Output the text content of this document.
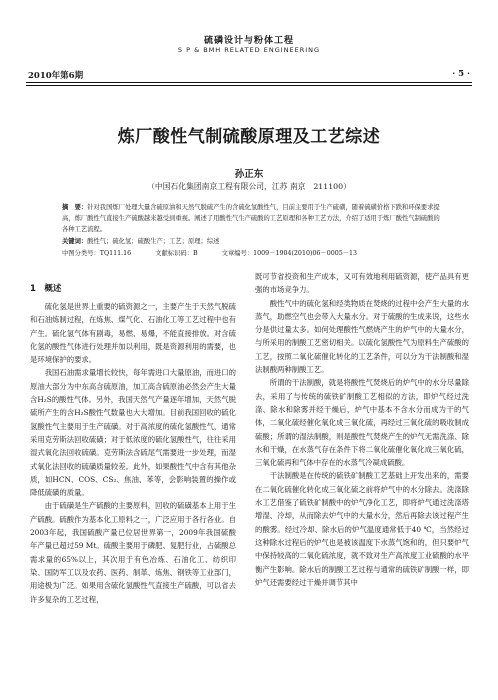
硫磷设计与粉体工程
S P & BMH RELATED ENGINEERING
2010年第6期	· 5 ·
炼厂酸性气制硫酸原理及工艺综述
孙正东
（中国石化集团南京工程有限公司，江苏 南京　211100）
摘　要：针对我国炼厂处理大量含硫原油和天然气脱硫产生的含硫化氢酸性气，目前主要用于生产硫磺，随着硫磺价格下跌和环保要求提高，炼厂酸性气直接生产硫酸越来越受到重视。阐述了用酸性气生产硫酸的工艺原理和各种工艺方法，介绍了适用于炼厂酸性气制硫酸的各种工艺流程。
关键词：酸性气；硫化氢；硫酸生产；工艺；原理；综述
中图分类号：TQ111.16	文献标识码：B	文章编号：1009－1904(2010)06－0005－13
1　概述

硫化氢是世界上重要的硫资源之一，主要产生于天然气脱硫和石油炼制过程，在炼焦、煤气化、石油化工等工艺过程中也有产生。硫化氢气体有剧毒，易燃、易爆，不能直接排放。对含硫化氢的酸性气体进行处理并加以利用，既是资源利用的需要，也是环境保护的要求。

我国石油需求量增长较快，每年需进口大量原油，而进口的原油大部分为中东高含硫原油，加工高含硫原油必然会产生大量含H₂S的酸性气体。另外，我国天然气产量逐年增加，天然气脱硫所产生的含H₂S酸性气数量也大大增加。目前我国回收的硫化氢酸性气主要用于生产硫磺。对于高浓度的硫化氢酸性气，通常采用克劳斯法回收硫磺；对于低浓度的硫化氢酸性气，往往采用湿式氧化法回收硫磺。克劳斯法含硫尾气需要进一步处理，而湿式氧化法回收的硫磺质量较差。此外，如果酸性气中含有其他杂质，如HCN、COS、CS₂、焦油、苯等，会影响装置的操作或降低硫磺的质量。

由于硫磺是生产硫酸的主要原料，回收的硫磺基本上用于生产硫酸。硫酸作为基本化工原料之一，广泛应用于各行各业。自2003年起，我国硫酸产量已位居世界第一，2009年我国硫酸年产量已超过59 Mt。硫酸主要用于磷肥、复肥行业，占硫酸总需求量的65%以上，其次用于有色冶炼、石油化工、纺织印染、国防军工以及农药、医药、制革、炼焦、钢铁等工业部门，用途极为广泛。如果用含硫化氢酸性气直接生产硫酸，可以省去许多复杂的工艺过程，

既可节省投资和生产成本，又可有效地利用硫资源，使产品具有更强的市场竞争力。

酸性气中的硫化氢和经类物质在焚烧的过程中会产生大量的水蒸气，助燃空气也会带入大量水分。对于硫酸的生成来说，这些水分是供过量太多。如何处理酸性气燃烧产生的炉气中的大量水分，与所采用的制酸工艺密切相关。以硫化氢酸性气为原料生产硫酸的工艺，按照二氧化硫催化转化的工艺条件，可以分为干法制酸和湿法制酸两种制酸工艺。

所谓的干法制酸，就是将酸性气焚烧后的炉气中的水分尽量除去，采用了与传统的硫铁矿制酸工艺相似的方法，即炉气经过洗涤、除水和除雾并经干燥后，炉气中基本不含水分而成为干的气体，二氧化硫经催化氧化成三氧化硫，再经过三氧化硫的吸收制成硫酸；所谓的湿法制酸，则是酸性气焚烧产生的炉气无需洗涤、除水和干燥，在水蒸气存在条件下将二氧化硫催化氧化成三氧化硫，三氧化硫再和气体中存在的水蒸气冷凝成硫酸。

干法制酸是在传统的硫铁矿制酸工艺基础上开发出来的，需要在二氧化硫催化转化成三氧化硫之前将炉气中的水分除去。洗涤除水工艺借鉴了硫铁矿制酸中的炉气净化工艺，即将炉气通过洗涤塔增湿、冷却，从而除去炉气中的大量水分，然后再除去该过程产生的酸雾。经过冷却、除水后的炉气温度通常低于40 ℃，当然经过这种除水过程后的炉气也是被该温度下水蒸气饱和的，但只要炉气中保持较高的二氧化硫浓度，就不致对生产高浓度工业硫酸的水平衡产生影响。除水后的制酸工艺过程与通常的硫铁矿制酸一样，即炉气还需要经过干燥并调节其中
